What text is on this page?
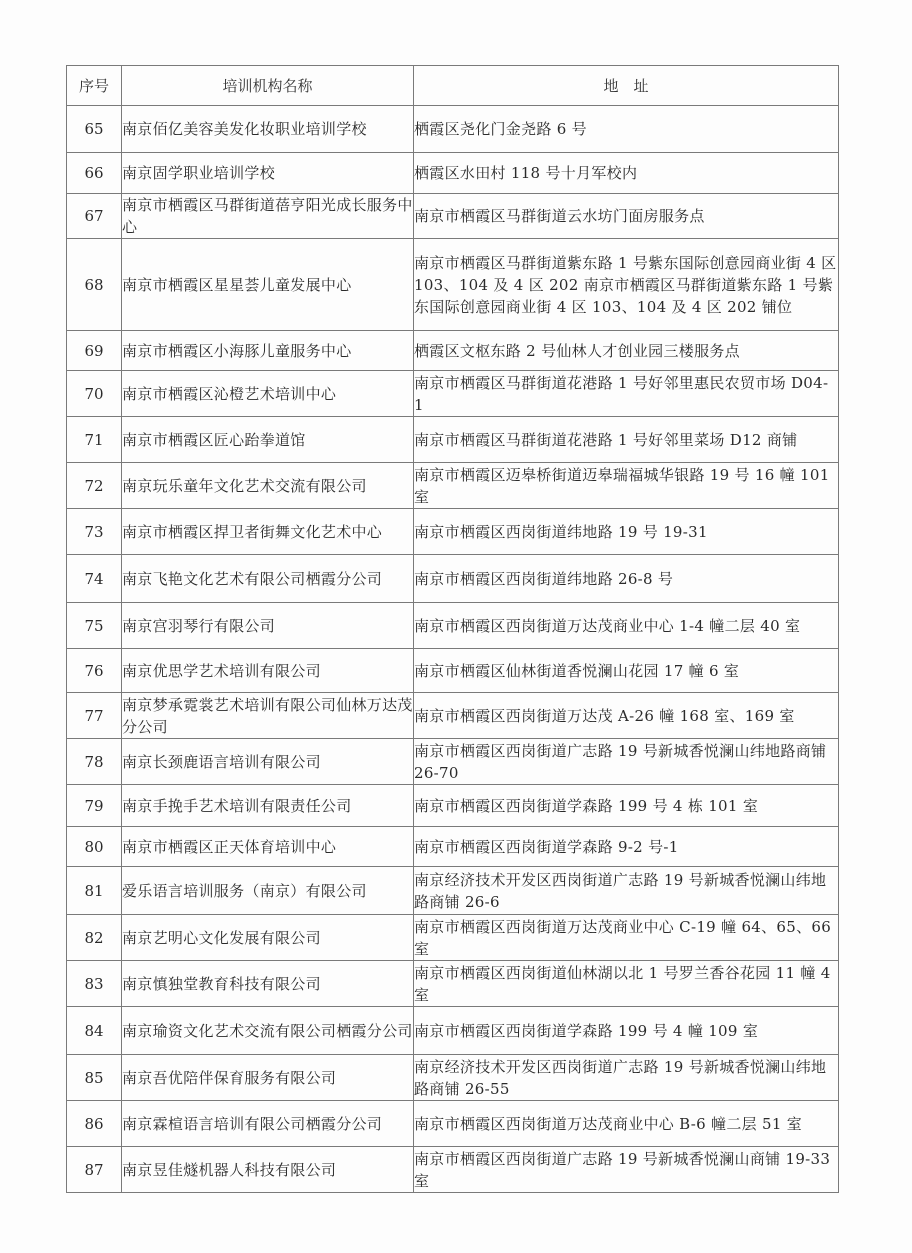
序号	培训机构名称	地　址
65	南京佰亿美容美发化妆职业培训学校	栖霞区尧化门金尧路 6 号
66	南京固学职业培训学校	栖霞区水田村 118 号十月军校内
67	南京市栖霞区马群街道蓓亨阳光成长服务中心	南京市栖霞区马群街道云水坊门面房服务点
68	南京市栖霞区星星荟儿童发展中心	南京市栖霞区马群街道紫东路 1 号紫东国际创意园商业街 4 区 103、104 及 4 区 202 南京市栖霞区马群街道紫东路 1 号紫东国际创意园商业街 4 区 103、104 及 4 区 202 铺位
69	南京市栖霞区小海豚儿童服务中心	栖霞区文枢东路 2 号仙林人才创业园三楼服务点
70	南京市栖霞区沁橙艺术培训中心	南京市栖霞区马群街道花港路 1 号好邻里惠民农贸市场 D04-1
71	南京市栖霞区匠心跆拳道馆	南京市栖霞区马群街道花港路 1 号好邻里菜场 D12 商铺
72	南京玩乐童年文化艺术交流有限公司	南京市栖霞区迈皋桥街道迈皋瑞福城华银路 19 号 16 幢 101 室
73	南京市栖霞区捍卫者街舞文化艺术中心	南京市栖霞区西岗街道纬地路 19 号 19-31
74	南京飞艳文化艺术有限公司栖霞分公司	南京市栖霞区西岗街道纬地路 26-8 号
75	南京宫羽琴行有限公司	南京市栖霞区西岗街道万达茂商业中心 1-4 幢二层 40 室
76	南京优思学艺术培训有限公司	南京市栖霞区仙林街道香悦澜山花园 17 幢 6 室
77	南京梦承霓裳艺术培训有限公司仙林万达茂分公司	南京市栖霞区西岗街道万达茂 A-26 幢 168 室、169 室
78	南京长颈鹿语言培训有限公司	南京市栖霞区西岗街道广志路 19 号新城香悦澜山纬地路商铺 26-70
79	南京手挽手艺术培训有限责任公司	南京市栖霞区西岗街道学森路 199 号 4 栋 101 室
80	南京市栖霞区正天体育培训中心	南京市栖霞区西岗街道学森路 9-2 号-1
81	爱乐语言培训服务（南京）有限公司	南京经济技术开发区西岗街道广志路 19 号新城香悦澜山纬地路商铺 26-6
82	南京艺明心文化发展有限公司	南京市栖霞区西岗街道万达茂商业中心 C-19 幢 64、65、66 室
83	南京慎独堂教育科技有限公司	南京市栖霞区西岗街道仙林湖以北 1 号罗兰香谷花园 11 幢 4 室
84	南京瑜资文化艺术交流有限公司栖霞分公司	南京市栖霞区西岗街道学森路 199 号 4 幢 109 室
85	南京吾优陪伴保育服务有限公司	南京经济技术开发区西岗街道广志路 19 号新城香悦澜山纬地路商铺 26-55
86	南京霖楦语言培训有限公司栖霞分公司	南京市栖霞区西岗街道万达茂商业中心 B-6 幢二层 51 室
87	南京昱佳燧机器人科技有限公司	南京市栖霞区西岗街道广志路 19 号新城香悦澜山商铺 19-33 室
